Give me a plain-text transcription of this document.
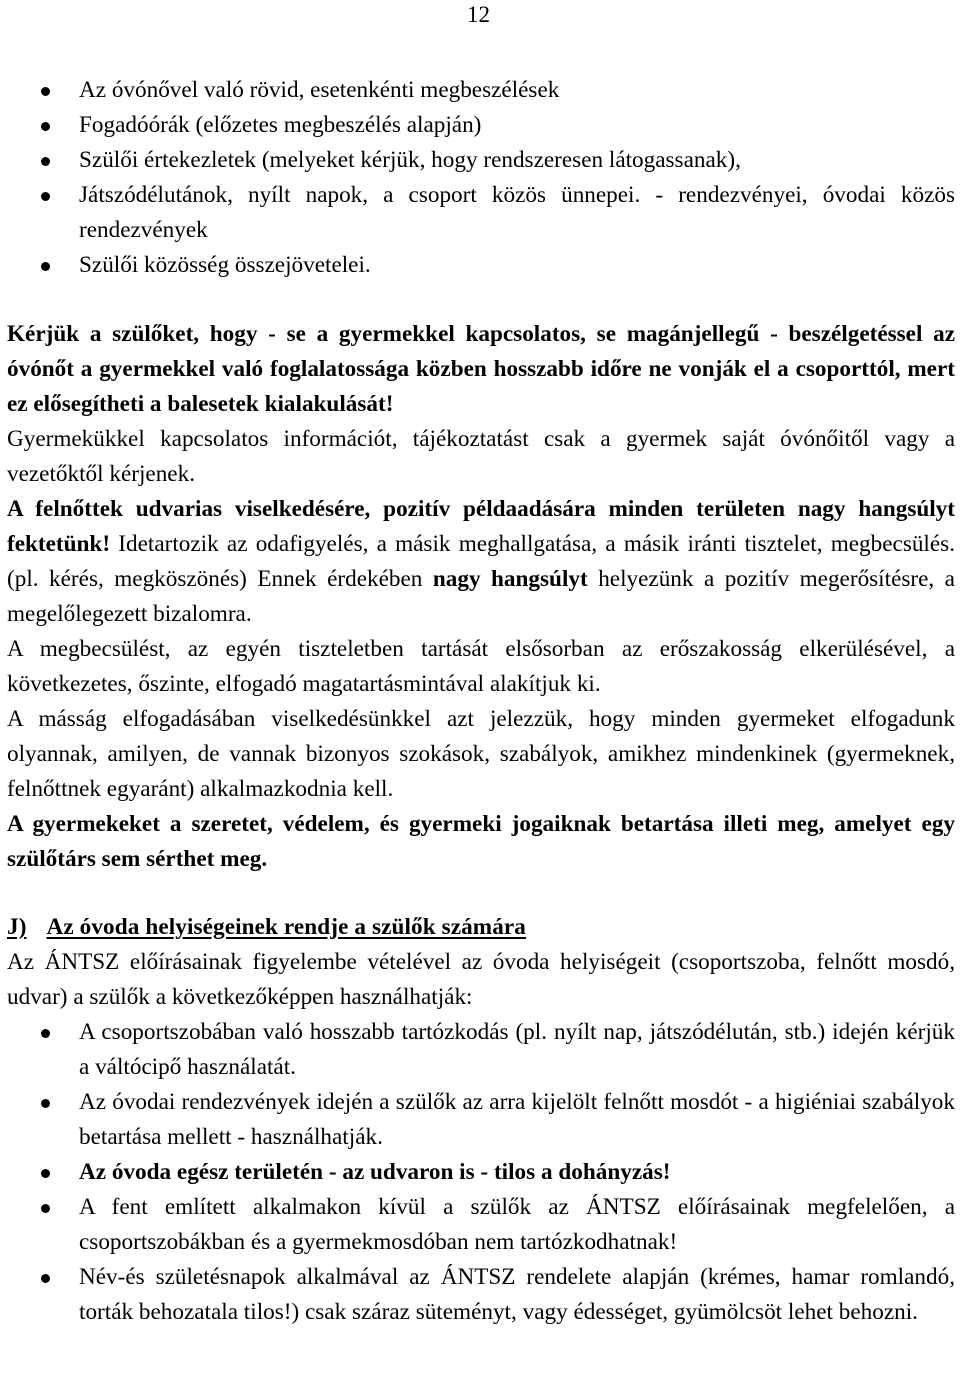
12
Az óvónővel való rövid, esetenkénti megbeszélések
Fogadóórák (előzetes megbeszélés alapján)
Szülői értekezletek (melyeket kérjük, hogy rendszeresen látogassanak),
Játszódélutánok, nyílt napok, a csoport közös ünnepei. - rendezvényei, óvodai közös rendezvények
Szülői közösség összejövetelei.

Kérjük a szülőket, hogy - se a gyermekkel kapcsolatos, se magánjellegű - beszélgetéssel az óvónőt a gyermekkel való foglalatossága közben hosszabb időre ne vonják el a csoporttól, mert ez elősegítheti a balesetek kialakulását!

Gyermekükkel kapcsolatos információt, tájékoztatást csak a gyermek saját óvónőitől vagy a vezetőktől kérjenek.

A felnőttek udvarias viselkedésére, pozitív példaadására minden területen nagy hangsúlyt fektetünk! Idetartozik az odafigyelés, a másik meghallgatása, a másik iránti tisztelet, megbecsülés. (pl. kérés, megköszönés) Ennek érdekében nagy hangsúlyt helyezünk a pozitív megerősítésre, a megelőlegezett bizalomra.

A megbecsülést, az egyén tiszteletben tartását elsősorban az erőszakosság elkerülésével, a következetes, őszinte, elfogadó magatartásmintával alakítjuk ki.

A másság elfogadásában viselkedésünkkel azt jelezzük, hogy minden gyermeket elfogadunk olyannak, amilyen, de vannak bizonyos szokások, szabályok, amikhez mindenkinek (gyermeknek, felnőttnek egyaránt) alkalmazkodnia kell.

A gyermekeket a szeretet, védelem, és gyermeki jogaiknak betartása illeti meg, amelyet egy szülőtárs sem sérthet meg.

J) Az óvoda helyiségeinek rendje a szülők számára

Az ÁNTSZ előírásainak figyelembe vételével az óvoda helyiségeit (csoportszoba, felnőtt mosdó, udvar) a szülők a következőképpen használhatják:

A csoportszobában való hosszabb tartózkodás (pl. nyílt nap, játszódélután, stb.) idején kérjük a váltócipő használatát.
Az óvodai rendezvények idején a szülők az arra kijelölt felnőtt mosdót - a higiéniai szabályok betartása mellett - használhatják.
Az óvoda egész területén - az udvaron is - tilos a dohányzás!
A fent említett alkalmakon kívül a szülők az ÁNTSZ előírásainak megfelelően, a csoportszobákban és a gyermekmosdóban nem tartózkodhatnak!
Név-és születésnapok alkalmával az ÁNTSZ rendelete alapján (krémes, hamar romlandó, torták behozatala tilos!) csak száraz süteményt, vagy édességet, gyümölcsöt lehet behozni.
